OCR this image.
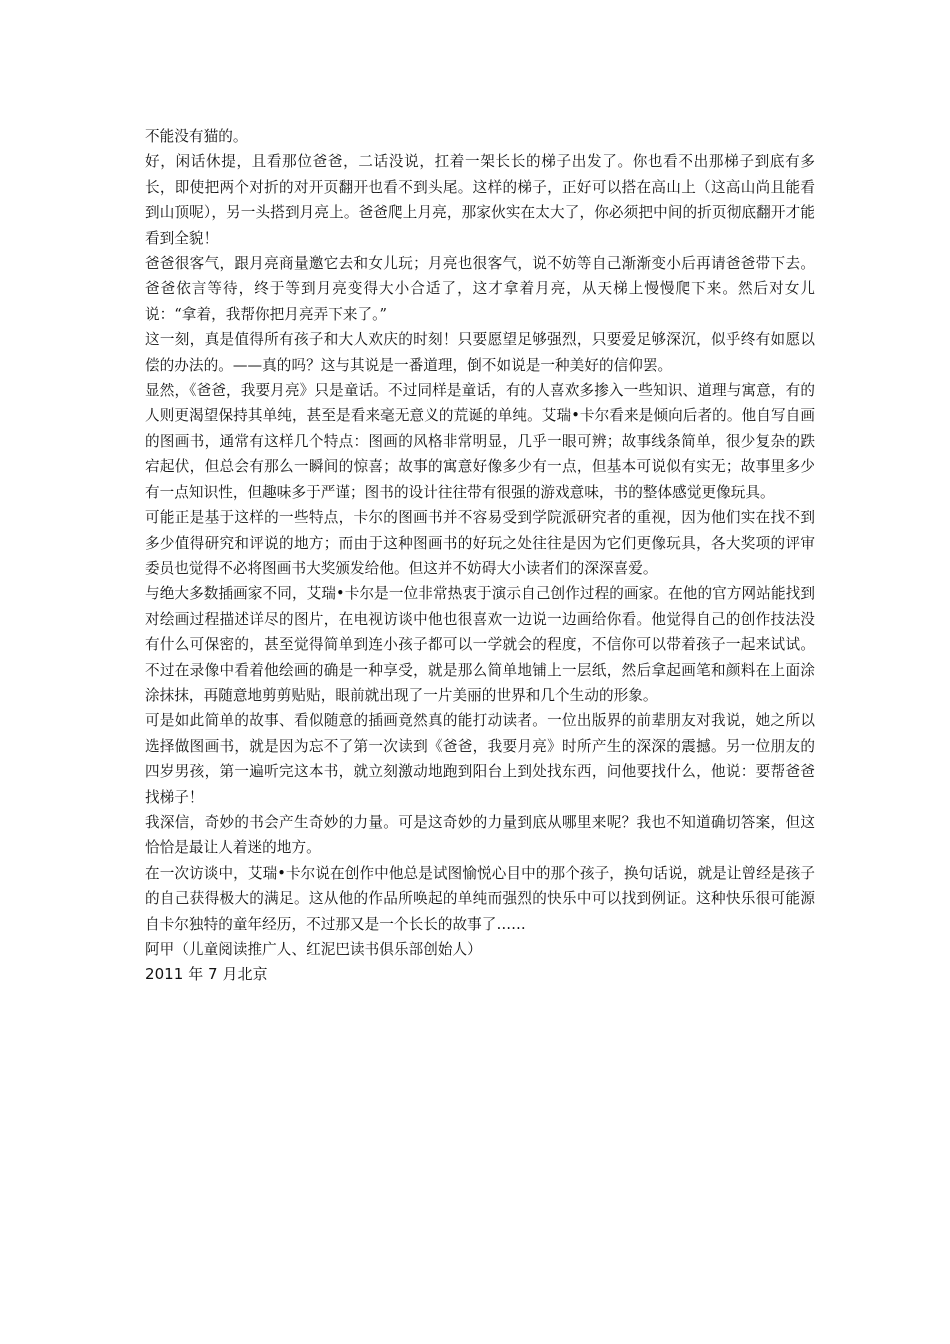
不能没有猫的。

好，闲话休提，且看那位爸爸，二话没说，扛着一架长长的梯子出发了。你也看不出那梯子到底有多长，即使把两个对折的对开页翻开也看不到头尾。这样的梯子，正好可以搭在高山上（这高山尚且能看到山顶呢），另一头搭到月亮上。爸爸爬上月亮，那家伙实在太大了，你必须把中间的折页彻底翻开才能看到全貌！

爸爸很客气，跟月亮商量邀它去和女儿玩；月亮也很客气，说不妨等自己渐渐变小后再请爸爸带下去。爸爸依言等待，终于等到月亮变得大小合适了，这才拿着月亮，从天梯上慢慢爬下来。然后对女儿说：“拿着，我帮你把月亮弄下来了。”

这一刻，真是值得所有孩子和大人欢庆的时刻！只要愿望足够强烈，只要爱足够深沉，似乎终有如愿以偿的办法的。——真的吗？这与其说是一番道理，倒不如说是一种美好的信仰罢。

显然，《爸爸，我要月亮》只是童话。不过同样是童话，有的人喜欢多掺入一些知识、道理与寓意，有的人则更渴望保持其单纯，甚至是看来毫无意义的荒诞的单纯。艾瑞•卡尔看来是倾向后者的。他自写自画的图画书，通常有这样几个特点：图画的风格非常明显，几乎一眼可辨；故事线条简单，很少复杂的跌宕起伏，但总会有那么一瞬间的惊喜；故事的寓意好像多少有一点，但基本可说似有实无；故事里多少有一点知识性，但趣味多于严谨；图书的设计往往带有很强的游戏意味，书的整体感觉更像玩具。

可能正是基于这样的一些特点，卡尔的图画书并不容易受到学院派研究者的重视，因为他们实在找不到多少值得研究和评说的地方；而由于这种图画书的好玩之处往往是因为它们更像玩具，各大奖项的评审委员也觉得不必将图画书大奖颁发给他。但这并不妨碍大小读者们的深深喜爱。

与绝大多数插画家不同，艾瑞•卡尔是一位非常热衷于演示自己创作过程的画家。在他的官方网站能找到对绘画过程描述详尽的图片，在电视访谈中他也很喜欢一边说一边画给你看。他觉得自己的创作技法没有什么可保密的，甚至觉得简单到连小孩子都可以一学就会的程度，不信你可以带着孩子一起来试试。不过在录像中看着他绘画的确是一种享受，就是那么简单地铺上一层纸，然后拿起画笔和颜料在上面涂涂抹抹，再随意地剪剪贴贴，眼前就出现了一片美丽的世界和几个生动的形象。

可是如此简单的故事、看似随意的插画竟然真的能打动读者。一位出版界的前辈朋友对我说，她之所以选择做图画书，就是因为忘不了第一次读到《爸爸，我要月亮》时所产生的深深的震撼。另一位朋友的四岁男孩，第一遍听完这本书，就立刻激动地跑到阳台上到处找东西，问他要找什么，他说：要帮爸爸找梯子！

我深信，奇妙的书会产生奇妙的力量。可是这奇妙的力量到底从哪里来呢？我也不知道确切答案，但这恰恰是最让人着迷的地方。

在一次访谈中，艾瑞•卡尔说在创作中他总是试图愉悦心目中的那个孩子，换句话说，就是让曾经是孩子的自己获得极大的满足。这从他的作品所唤起的单纯而强烈的快乐中可以找到例证。这种快乐很可能源自卡尔独特的童年经历，不过那又是一个长长的故事了……

阿甲（儿童阅读推广人、红泥巴读书俱乐部创始人）

2011 年 7 月北京
